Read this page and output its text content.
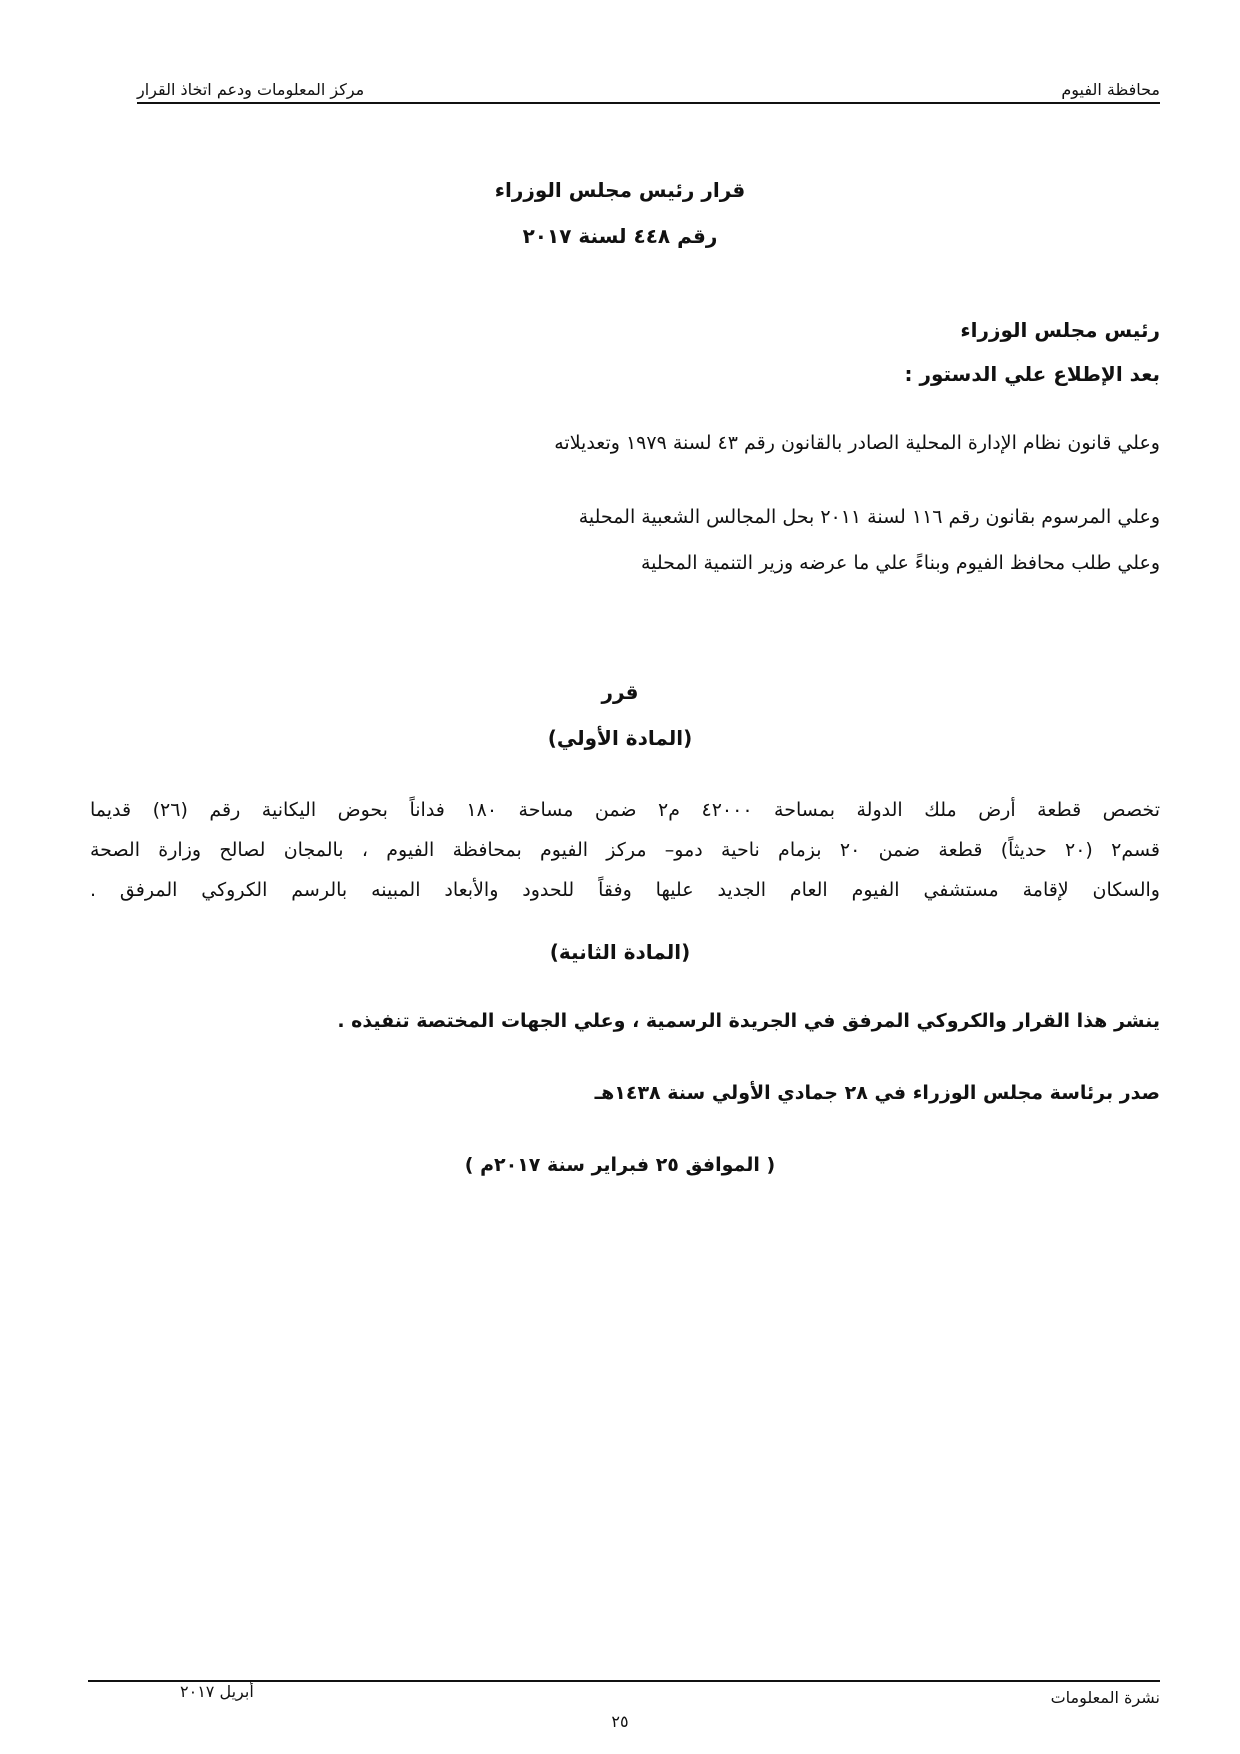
محافظة الفيوم
مركز المعلومات ودعم اتخاذ القرار
قرار رئيس مجلس الوزراء
رقم ٤٤٨ لسنة ٢٠١٧
رئيس مجلس الوزراء
بعد الإطلاع علي الدستور :
وعلي قانون نظام الإدارة المحلية الصادر بالقانون رقم ٤٣ لسنة ١٩٧٩ وتعديلاته
وعلي المرسوم بقانون رقم ١١٦ لسنة ٢٠١١ بحل المجالس الشعبية المحلية
وعلي طلب محافظ الفيوم وبناءً علي ما عرضه وزير التنمية المحلية
قرر
(المادة الأولي)
تخصص قطعة أرض ملك الدولة بمساحة ٤٢٠٠٠ م٢ ضمن مساحة ١٨٠ فداناً بحوض اليكانية رقم (٢٦) قديما
قسم٢ (٢٠ حديثاً) قطعة ضمن ٢٠ بزمام ناحية دمو– مركز الفيوم بمحافظة الفيوم ، بالمجان لصالح وزارة الصحة
والسكان لإقامة مستشفي الفيوم العام الجديد عليها وفقاً للحدود والأبعاد المبينه بالرسم الكروكي المرفق .
(المادة الثانية)
ينشر هذا القرار والكروكي المرفق في الجريدة الرسمية ، وعلي الجهات المختصة تنفيذه .
صدر برئاسة مجلس الوزراء في ٢٨ جمادي الأولي سنة ١٤٣٨هـ
( الموافق ٢٥ فبراير سنة ٢٠١٧م )
نشرة المعلومات
أبريل ٢٠١٧
٢٥
